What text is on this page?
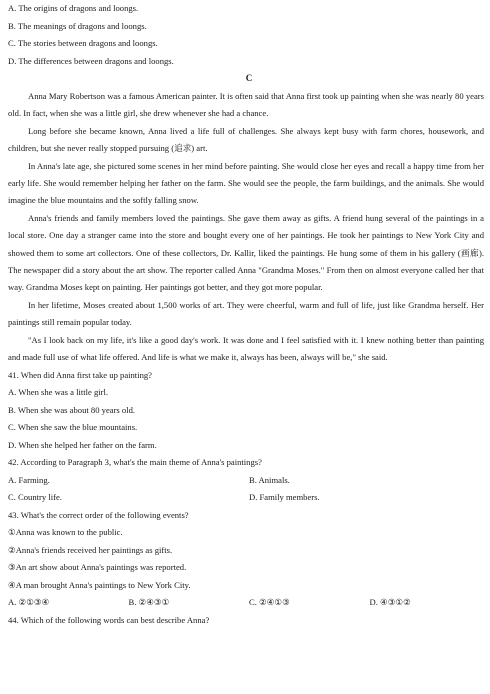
A. The origins of dragons and loongs.
B. The meanings of dragons and loongs.
C. The stories between dragons and loongs.
D. The differences between dragons and loongs.
C

Anna Mary Robertson was a famous American painter. It is often said that Anna first took up painting when she was nearly 80 years old. In fact, when she was a little girl, she drew whenever she had a chance.

Long before she became known, Anna lived a life full of challenges. She always kept busy with farm chores, housework, and children, but she never really stopped pursuing (追求) art.

In Anna's late age, she pictured some scenes in her mind before painting. She would close her eyes and recall a happy time from her early life. She would remember helping her father on the farm. She would see the people, the farm buildings, and the animals. She would imagine the blue mountains and the softly falling snow.

Anna's friends and family members loved the paintings. She gave them away as gifts. A friend hung several of the paintings in a local store. One day a stranger came into the store and bought every one of her paintings. He took her paintings to New York City and showed them to some art collectors. One of these collectors, Dr. Kallir, liked the paintings. He hung some of them in his gallery (画廊). The newspaper did a story about the art show. The reporter called Anna "Grandma Moses." From then on almost everyone called her that way. Grandma Moses kept on painting. Her paintings got better, and they got more popular.

In her lifetime, Moses created about 1,500 works of art. They were cheerful, warm and full of life, just like Grandma herself. Her paintings still remain popular today.

"As I look back on my life, it's like a good day's work. It was done and I feel satisfied with it. I knew nothing better than painting and made full use of what life offered. And life is what we make it, always has been, always will be," she said.

41. When did Anna first take up painting?
A. When she was a little girl.
B. When she was about 80 years old.
C. When she saw the blue mountains.
D. When she helped her father on the farm.
42. According to Paragraph 3, what's the main theme of Anna's paintings?
A. Farming.	B. Animals.
C. Country life.	D. Family members.
43. What's the correct order of the following events?
①Anna was known to the public.
②Anna's friends received her paintings as gifts.
③An art show about Anna's paintings was reported.
④A man brought Anna's paintings to New York City.
A. ②①③④	B. ②④③①	C. ②④①③	D. ④③①②
44. Which of the following words can best describe Anna?
